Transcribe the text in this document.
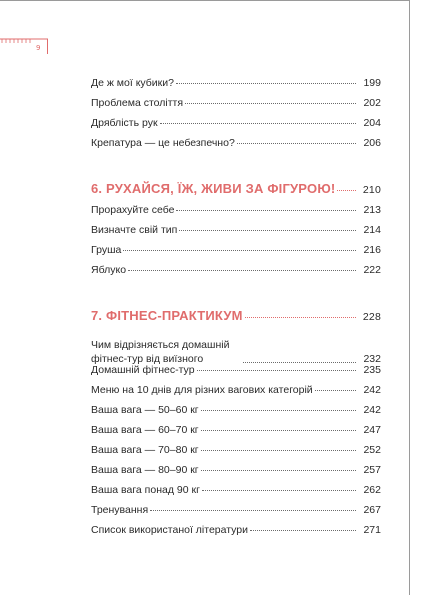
9
Де ж мої кубики?	199
Проблема століття	202
Дряблість рук	204
Крепатура — це небезпечно?	206
6. РУХАЙСЯ, ЇЖ, ЖИВИ ЗА ФІГУРОЮ!	210
Прорахуйте себе	213
Визначте свій тип	214
Груша	216
Яблуко	222
7. ФІТНЕС-ПРАКТИКУМ	228
Чим відрізняється домашній фітнес-тур від виїзного	232
Домашній фітнес-тур	235
Меню на 10 днів для різних вагових категорій	242
Ваша вага — 50–60 кг	242
Ваша вага — 60–70 кг	247
Ваша вага — 70–80 кг	252
Ваша вага — 80–90 кг	257
Ваша вага понад 90 кг	262
Тренування	267
Список використаної літератури	271
